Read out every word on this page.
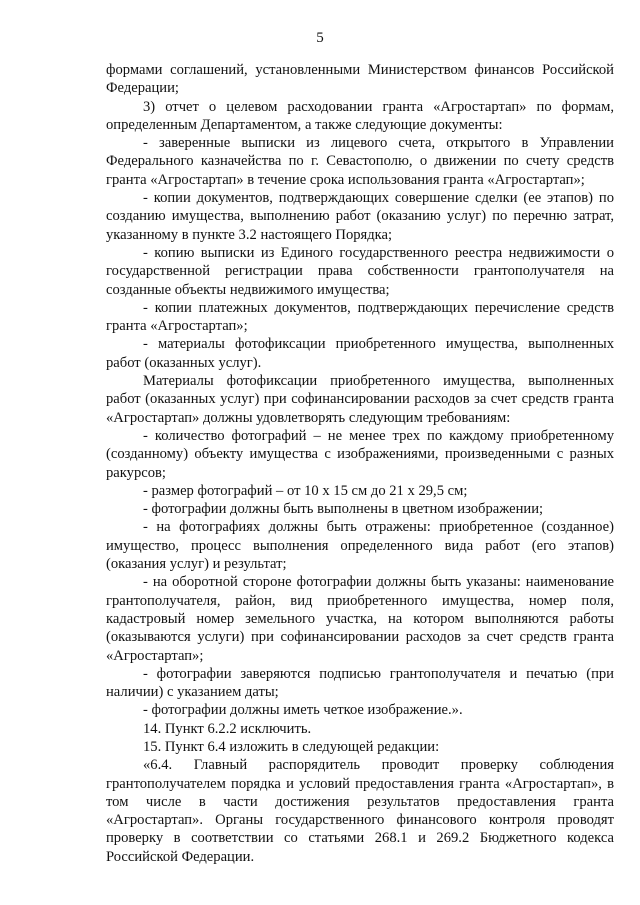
5

формами соглашений, установленными Министерством финансов Российской Федерации;

3) отчет о целевом расходовании гранта «Агростартап» по формам, определенным Департаментом, а также следующие документы:

- заверенные выписки из лицевого счета, открытого в Управлении Федерального казначейства по г. Севастополю, о движении по счету средств гранта «Агростартап» в течение срока использования гранта «Агростартап»;

- копии документов, подтверждающих совершение сделки (ее этапов) по созданию имущества, выполнению работ (оказанию услуг) по перечню затрат, указанному в пункте 3.2 настоящего Порядка;

- копию выписки из Единого государственного реестра недвижимости о государственной регистрации права собственности грантополучателя на созданные объекты недвижимого имущества;

- копии платежных документов, подтверждающих перечисление средств гранта «Агростартап»;

- материалы фотофиксации приобретенного имущества, выполненных работ (оказанных услуг).

Материалы фотофиксации приобретенного имущества, выполненных работ (оказанных услуг) при софинансировании расходов за счет средств гранта «Агростартап» должны удовлетворять следующим требованиям:

- количество фотографий – не менее трех по каждому приобретенному (созданному) объекту имущества с изображениями, произведенными с разных ракурсов;

- размер фотографий – от 10 х 15 см до 21 х 29,5 см;

- фотографии должны быть выполнены в цветном изображении;

- на фотографиях должны быть отражены: приобретенное (созданное) имущество, процесс выполнения определенного вида работ (его этапов) (оказания услуг) и результат;

- на оборотной стороне фотографии должны быть указаны: наименование грантополучателя, район, вид приобретенного имущества, номер поля, кадастровый номер земельного участка, на котором выполняются работы (оказываются услуги) при софинансировании расходов за счет средств гранта «Агростартап»;

- фотографии заверяются подписью грантополучателя и печатью (при наличии) с указанием даты;

- фотографии должны иметь четкое изображение.».

14. Пункт 6.2.2 исключить.

15. Пункт 6.4 изложить в следующей редакции:

«6.4. Главный распорядитель проводит проверку соблюдения грантополучателем порядка и условий предоставления гранта «Агростартап», в том числе в части достижения результатов предоставления гранта «Агростартап». Органы государственного финансового контроля проводят проверку в соответствии со статьями 268.1 и 269.2 Бюджетного кодекса Российской Федерации.
